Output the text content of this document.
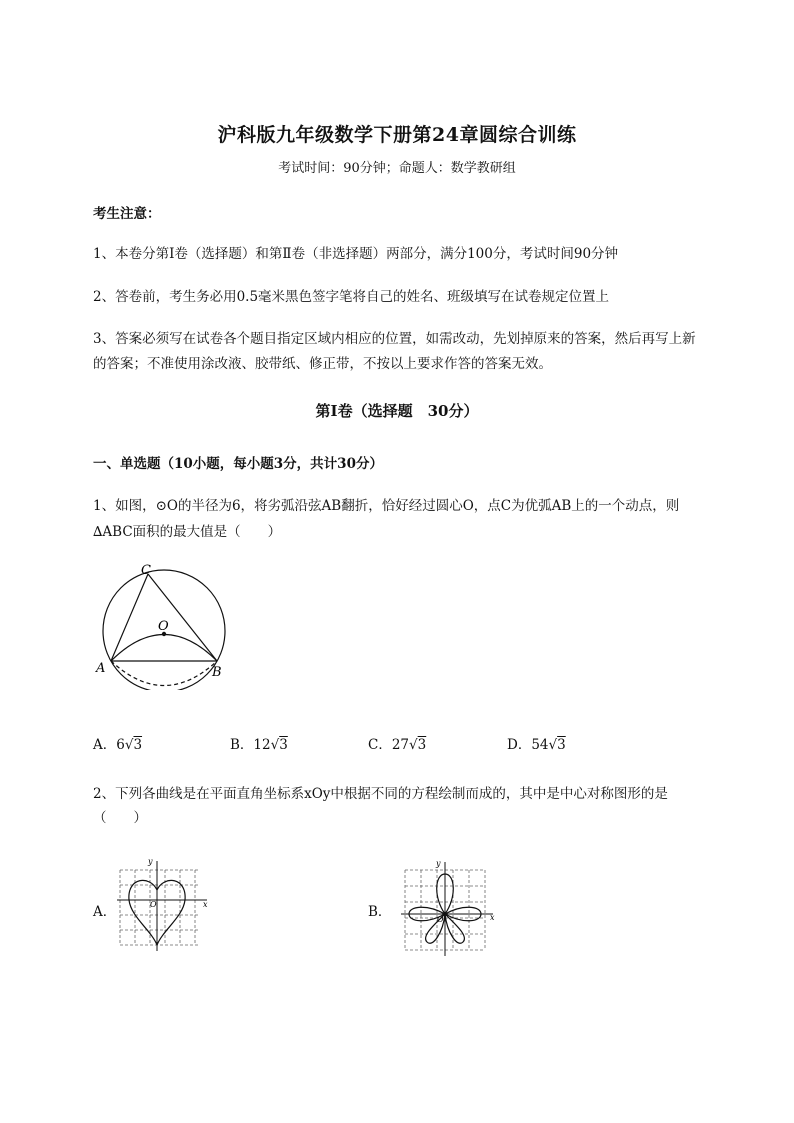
沪科版九年级数学下册第24章圆综合训练
考试时间：90分钟；命题人：数学教研组
考生注意：
1、本卷分第I卷（选择题）和第Ⅱ卷（非选择题）两部分，满分100分，考试时间90分钟
2、答卷前，考生务必用0.5毫米黑色签字笔将自己的姓名、班级填写在试卷规定位置上
3、答案必须写在试卷各个题目指定区域内相应的位置，如需改动，先划掉原来的答案，然后再写上新
的答案；不准使用涂改液、胶带纸、修正带，不按以上要求作答的答案无效。
第I卷（选择题　30分）
一、单选题（10小题，每小题3分，共计30分）
1、如图，⊙O的半径为6，将劣弧沿弦AB翻折，恰好经过圆心O，点C为优弧AB上的一个动点，则
∆ABC面积的最大值是（　　）
C
O
A	B
A．6√3	B．12√3	C．27√3	D．54√3
2、下列各曲线是在平面直角坐标系xOy中根据不同的方程绘制而成的，其中是中心对称图形的是
（　　）
A．
y
x
O	B．
y
x
O
